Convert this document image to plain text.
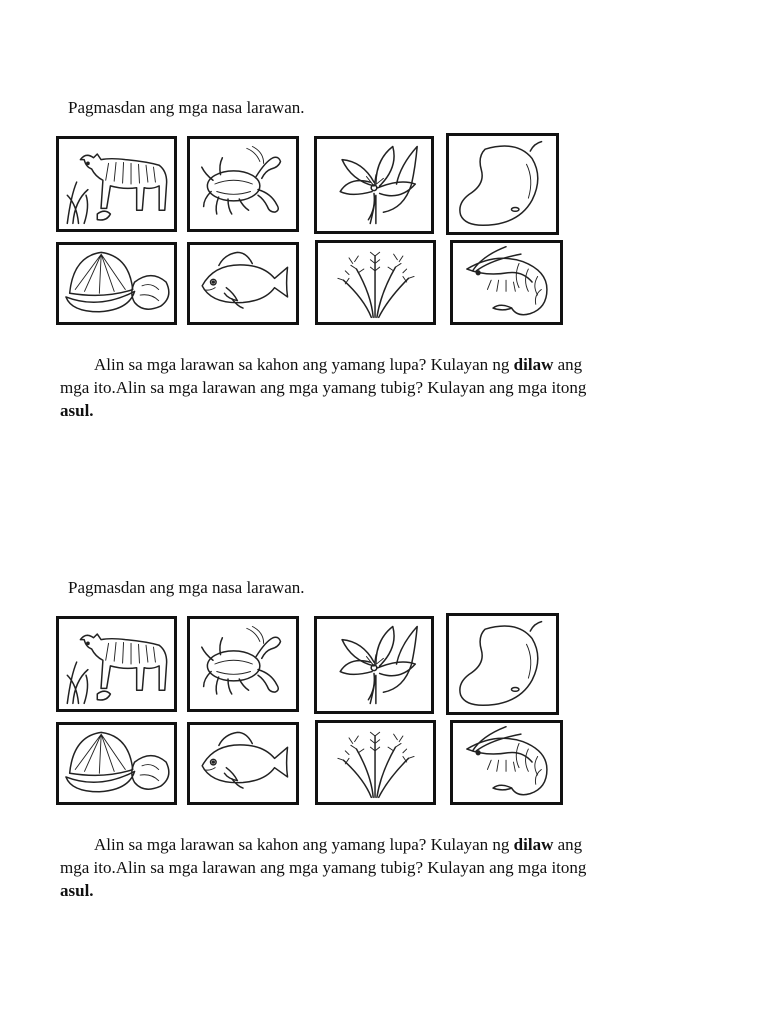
Pagmasdan ang mga nasa larawan.
Alin sa mga larawan sa kahon ang yamang lupa? Kulayan ng dilaw ang
mga ito.Alin sa mga larawan ang mga yamang tubig? Kulayan ang mga itong
asul.
Pagmasdan ang mga nasa larawan.
Alin sa mga larawan sa kahon ang yamang lupa? Kulayan ng dilaw ang
mga ito.Alin sa mga larawan ang mga yamang tubig? Kulayan ang mga itong
asul.
